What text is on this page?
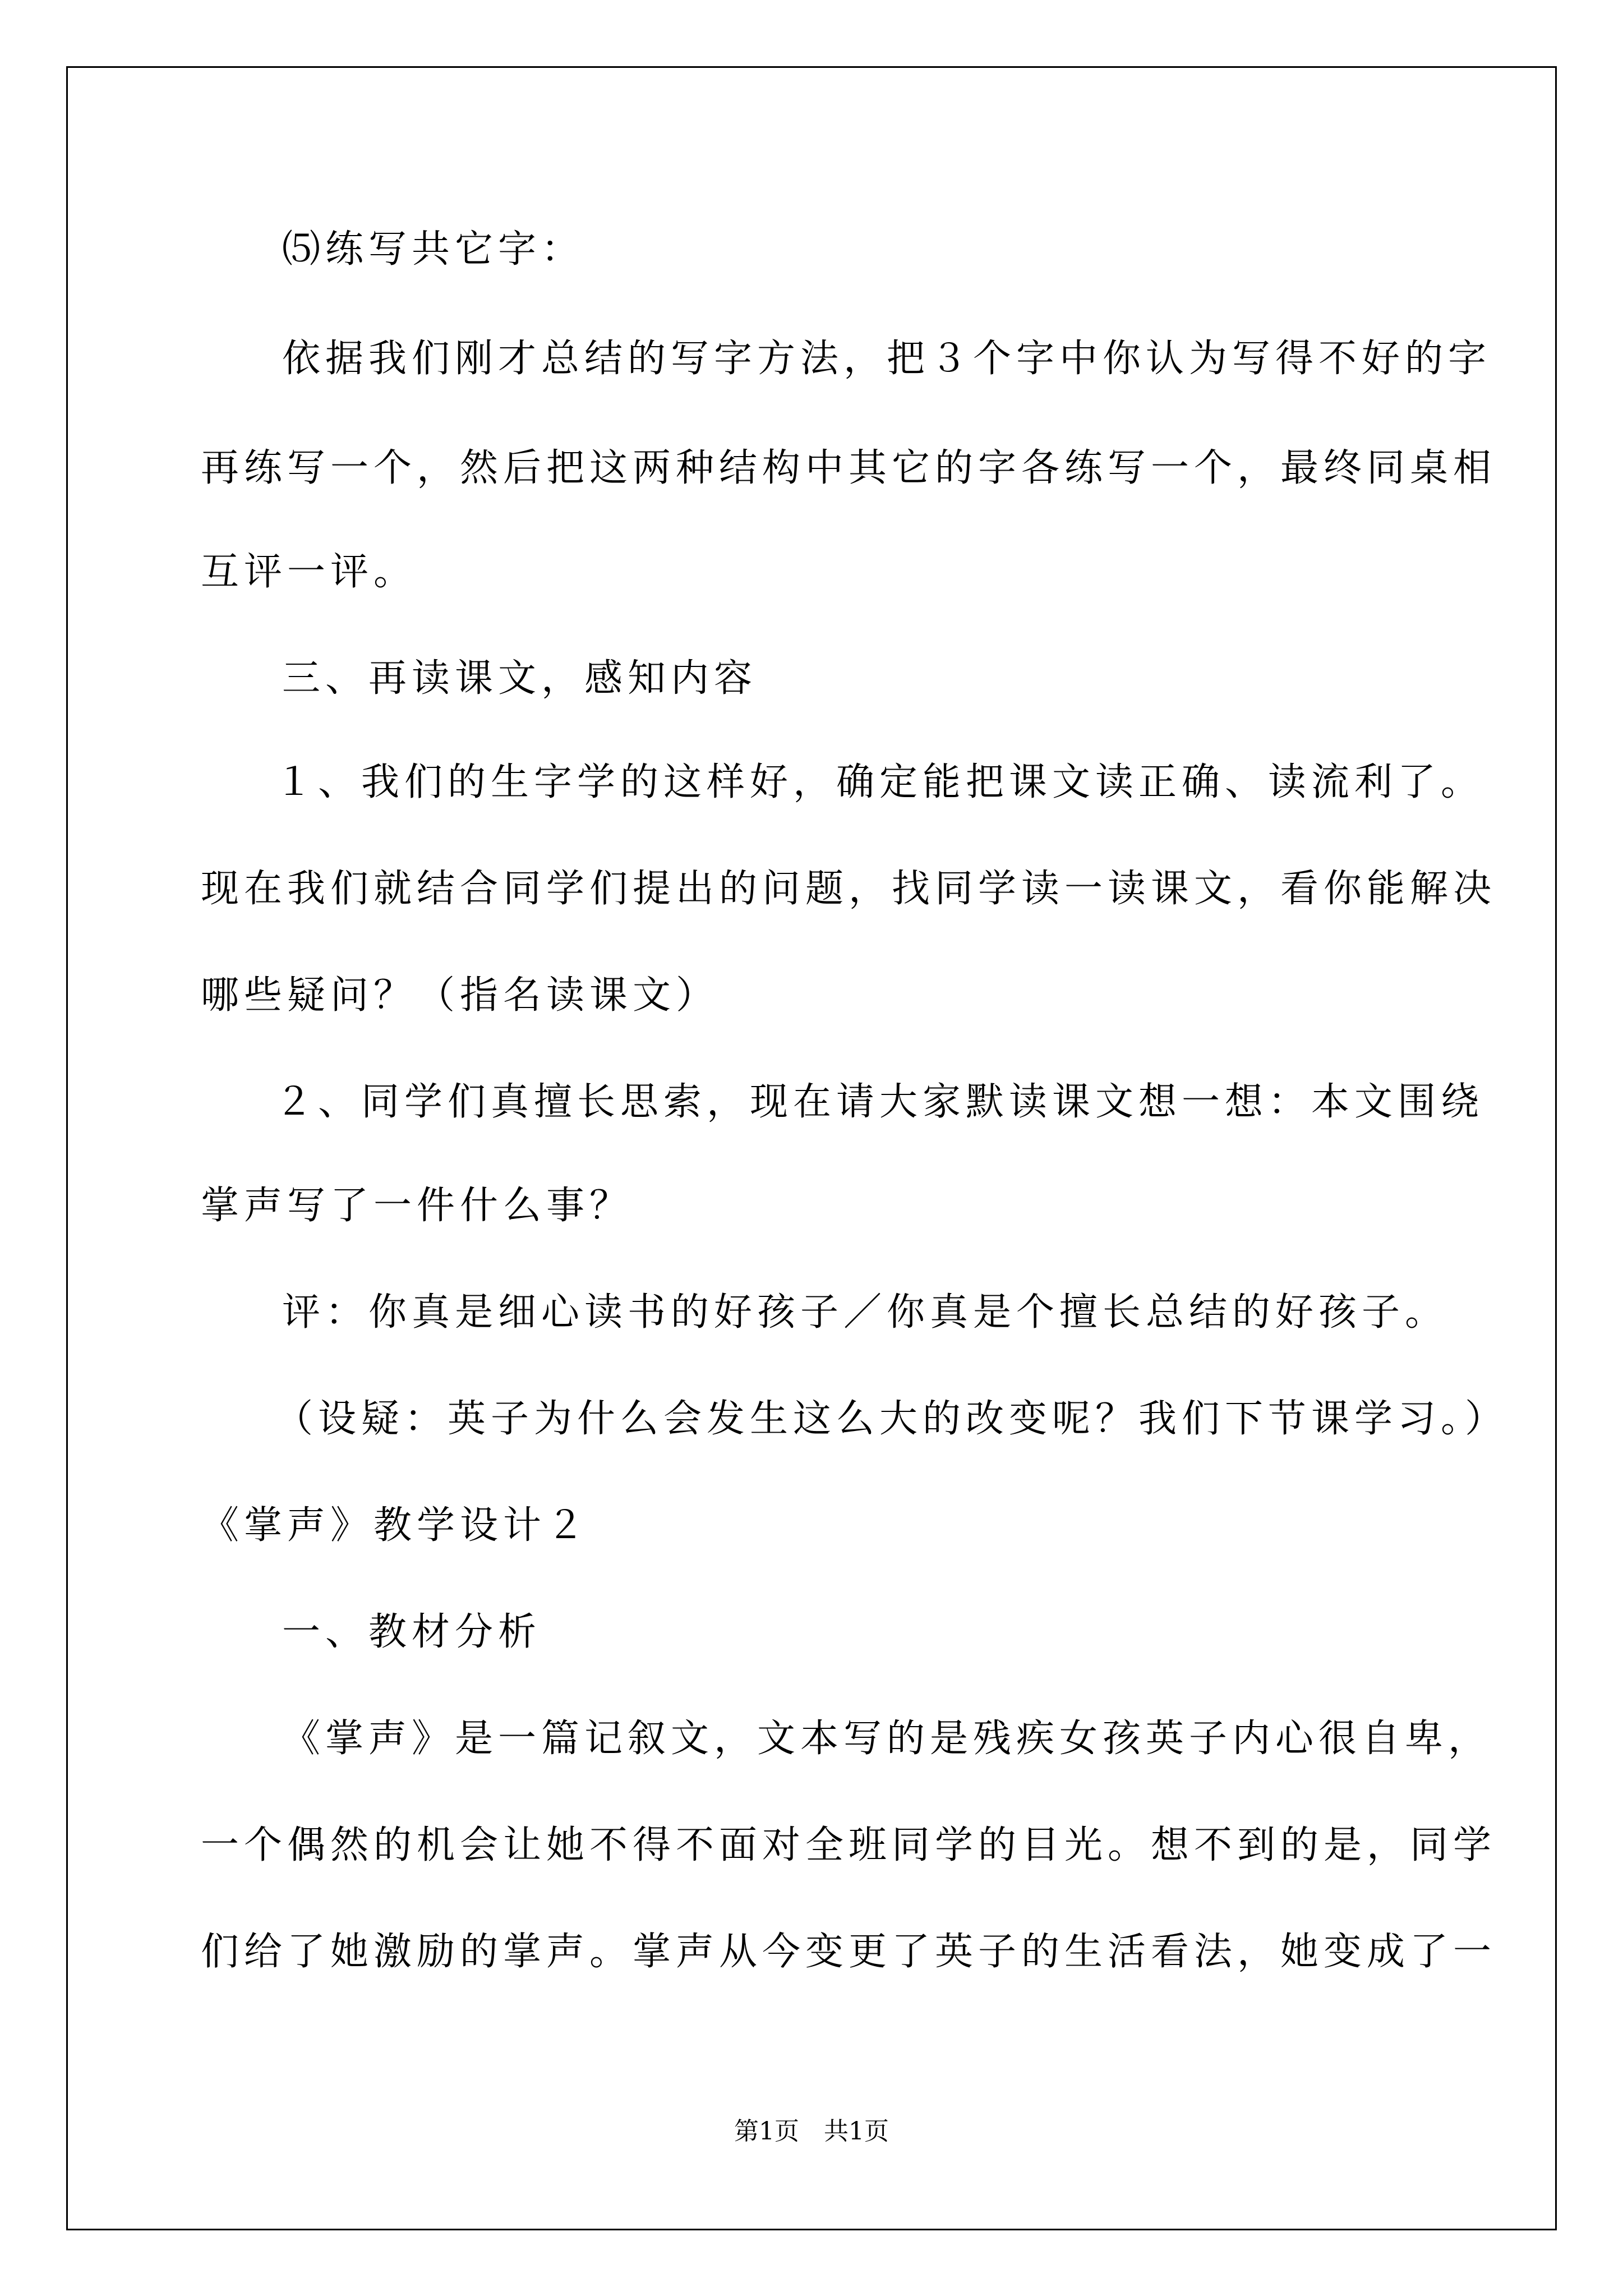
⑸练写共它字：
依据我们刚才总结的写字方法，把３个字中你认为写得不好的字
再练写一个，然后把这两种结构中其它的字各练写一个，最终同桌相
互评一评。
三、再读课文，感知内容
１、我们的生字学的这样好，确定能把课文读正确、读流利了。
现在我们就结合同学们提出的问题，找同学读一读课文，看你能解决
哪些疑问？（指名读课文）
２、同学们真擅长思索，现在请大家默读课文想一想：本文围绕
掌声写了一件什么事？
评：你真是细心读书的好孩子／你真是个擅长总结的好孩子。
（设疑：英子为什么会发生这么大的改变呢？我们下节课学习。）
《掌声》教学设计２
一、教材分析
《掌声》是一篇记叙文，文本写的是残疾女孩英子内心很自卑，
一个偶然的机会让她不得不面对全班同学的目光。想不到的是，同学
们给了她激励的掌声。掌声从今变更了英子的生活看法，她变成了一
第1页　共1页
